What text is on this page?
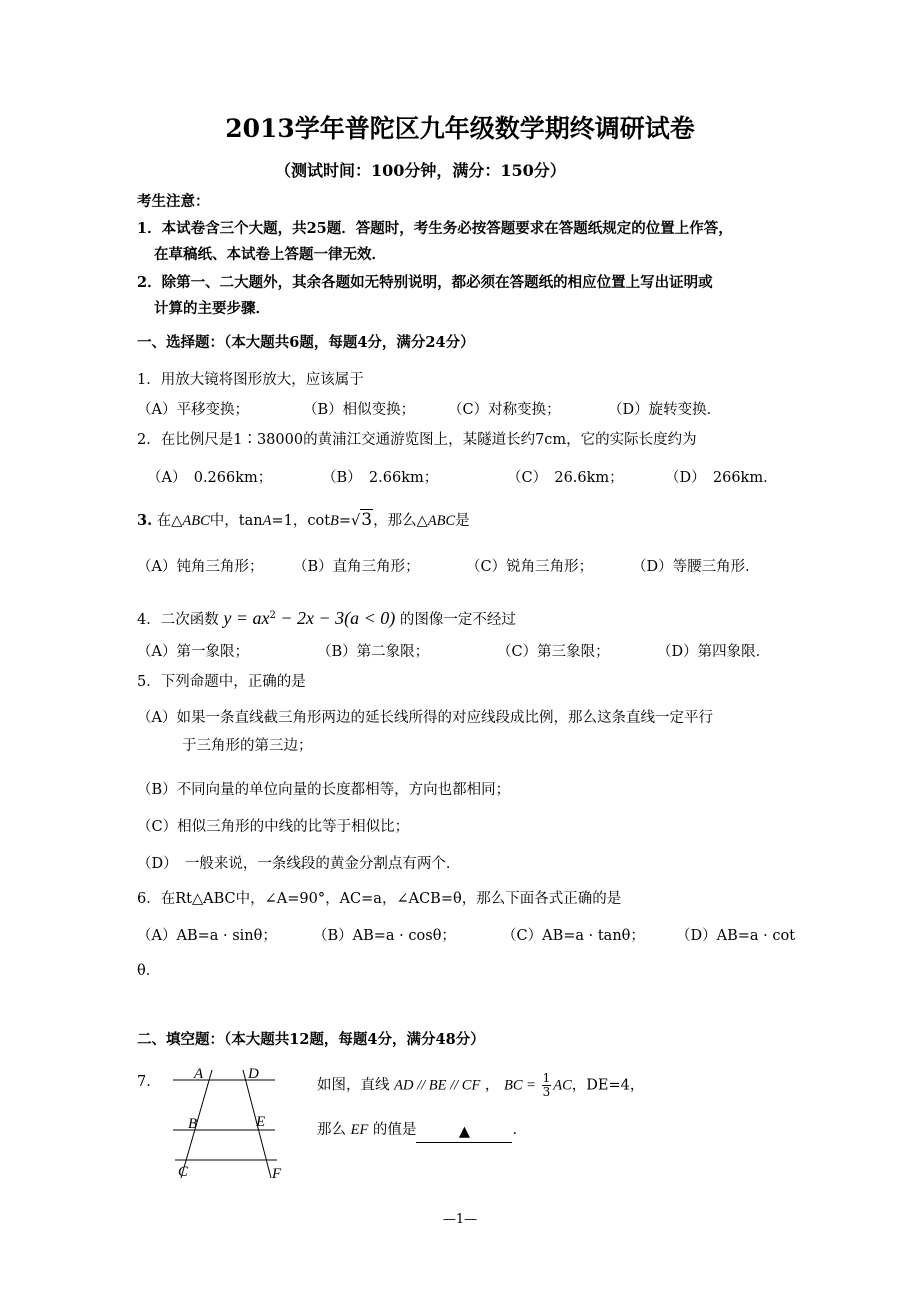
2013学年普陀区九年级数学期终调研试卷
（测试时间：100分钟，满分：150分）
考生注意：
1．本试卷含三个大题，共25题．答题时，考生务必按答题要求在答题纸规定的位置上作答，
在草稿纸、本试卷上答题一律无效．
2．除第一、二大题外，其余各题如无特别说明，都必须在答题纸的相应位置上写出证明或
计算的主要步骤．
一、选择题：（本大题共6题，每题4分，满分24分）
1．用放大镜将图形放大，应该属于
（A）平移变换；	（B）相似变换； （C）对称变换；	（D）旋转变换．
2．在比例尺是1∶38000的黄浦江交通游览图上，某隧道长约7cm，它的实际长度约为
（A）　0.266km；	（B）　2.66km；	（C）　26.6km；	（D）　266km．
3. 在△ABC中，tanA=1，cotB=√3，那么△ABC是
（A）钝角三角形； （B）直角三角形；	（C）锐角三角形；	（D）等腰三角形．
4．二次函数 $y = ax^2 - 2x - 3(a < 0)$ 的图像一定不经过
（A）第一象限；	（B）第二象限；	（C）第三象限；	（D）第四象限．
5．下列命题中，正确的是
（A）如果一条直线截三角形两边的延长线所得的对应线段成比例，那么这条直线一定平行
于三角形的第三边；
（B）不同向量的单位向量的长度都相等，方向也都相同；
（C）相似三角形的中线的比等于相似比；
（D）　一般来说，一条线段的黄金分割点有两个．
6．在Rt△ABC中，∠A=90°，AC=a，∠ACB=θ，那么下面各式正确的是
（A）AB=a · sinθ； （B）AB=a · cosθ；	（C）AB=a · tanθ； （D）AB=a · cot
θ．
二、填空题：（本大题共12题，每题4分，满分48分）
7． A	D
B	E
C	F
如图，直线 AD // BE // CF ， BC = $\frac{1}{3}$ AC，DE=4，
那么 EF 的值是	▲	．
—1—
